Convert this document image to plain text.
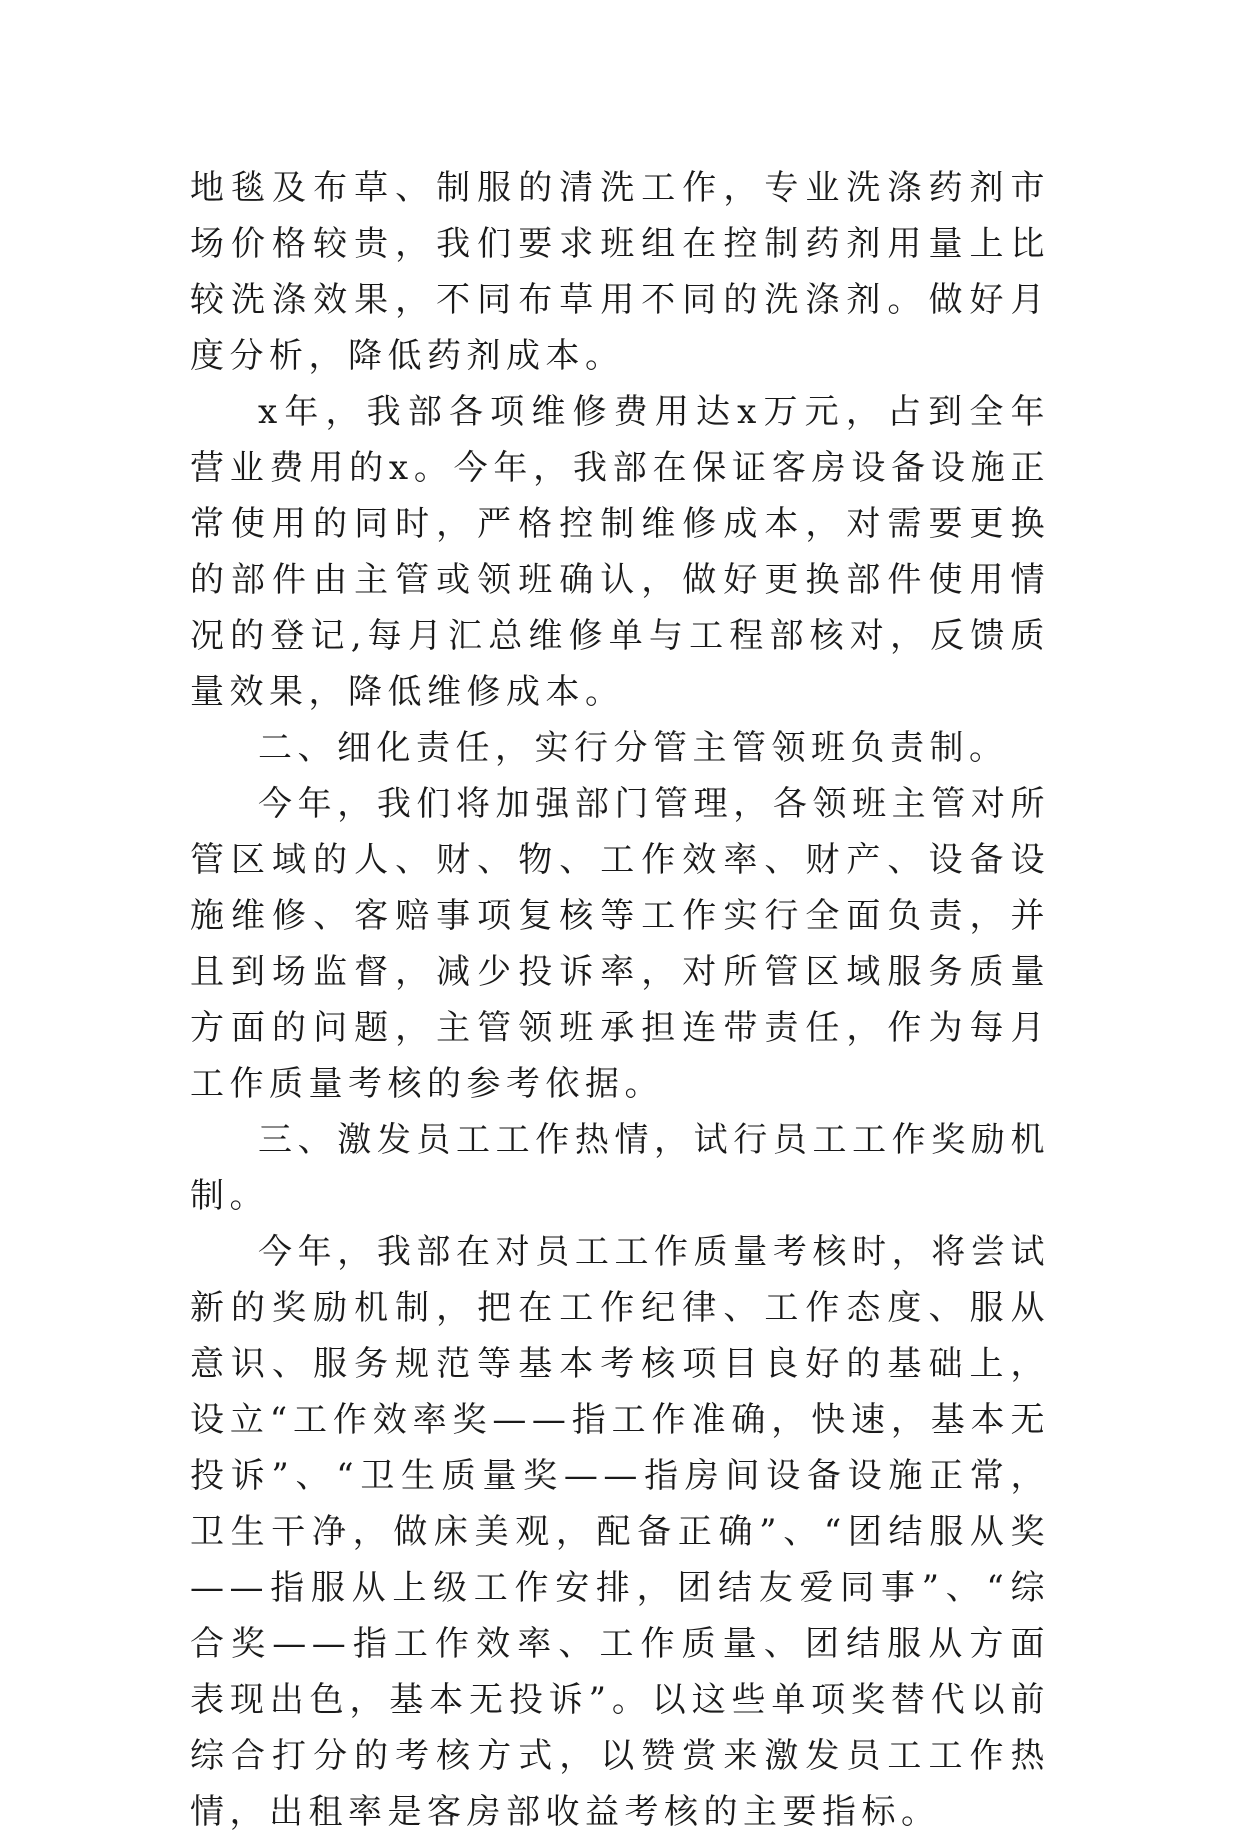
地毯及布草、制服的清洗工作，专业洗涤药剂市场价格较贵，我们要求班组在控制药剂用量上比较洗涤效果，不同布草用不同的洗涤剂。做好月度分析，降低药剂成本。

x年，我部各项维修费用达x万元，占到全年营业费用的x。今年，我部在保证客房设备设施正常使用的同时，严格控制维修成本，对需要更换的部件由主管或领班确认，做好更换部件使用情况的登记,每月汇总维修单与工程部核对，反馈质量效果，降低维修成本。

二、细化责任，实行分管主管领班负责制。

今年，我们将加强部门管理，各领班主管对所管区域的人、财、物、工作效率、财产、设备设施维修、客赔事项复核等工作实行全面负责，并且到场监督，减少投诉率，对所管区域服务质量方面的问题，主管领班承担连带责任，作为每月工作质量考核的参考依据。

三、激发员工工作热情，试行员工工作奖励机制。

今年，我部在对员工工作质量考核时，将尝试新的奖励机制，把在工作纪律、工作态度、服从意识、服务规范等基本考核项目良好的基础上，设立“工作效率奖——指工作准确，快速，基本无投诉”、“卫生质量奖——指房间设备设施正常，卫生干净，做床美观，配备正确”、“团结服从奖——指服从上级工作安排，团结友爱同事”、“综合奖——指工作效率、工作质量、团结服从方面表现出色，基本无投诉”。以这些单项奖替代以前综合打分的考核方式，以赞赏来激发员工工作热情，出租率是客房部收益考核的主要指标。
